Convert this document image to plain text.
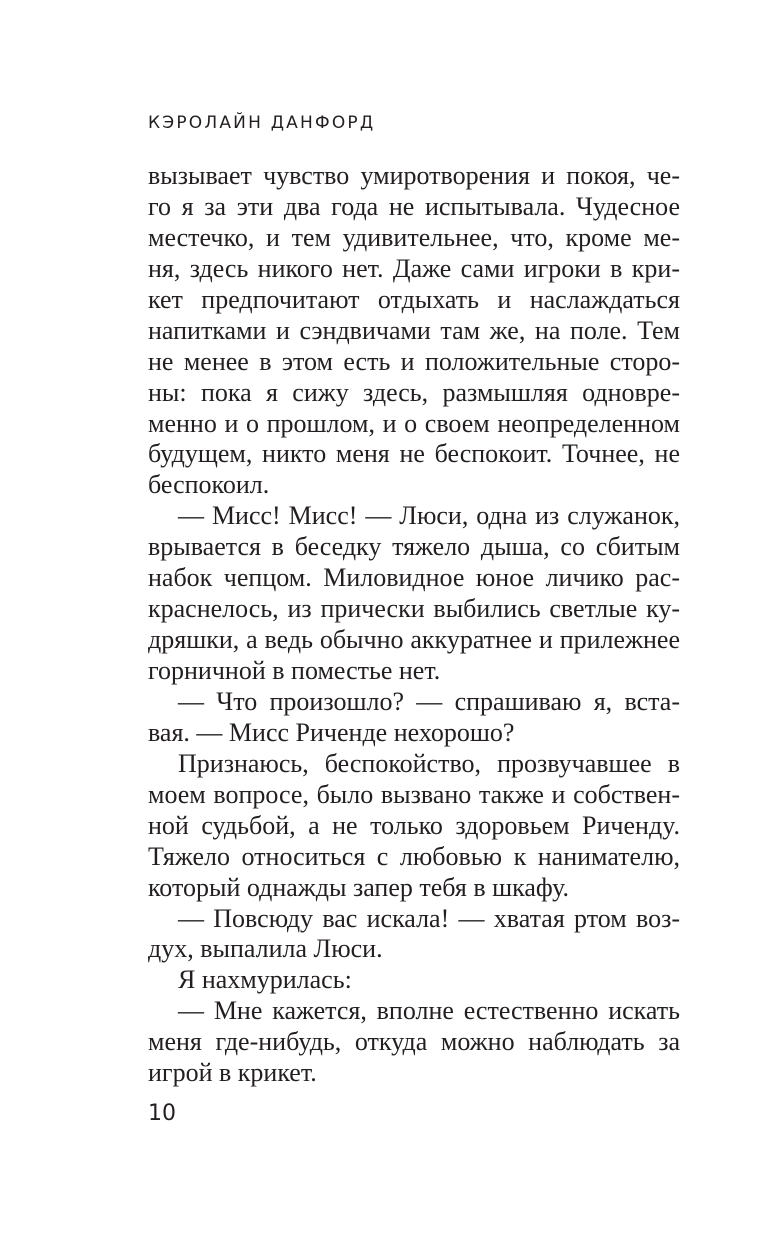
КЭРОЛАЙН ДАНФОРД
вызывает чувство умиротворения и покоя, че-
го я за эти два года не испытывала. Чудесное
местечко, и тем удивительнее, что, кроме ме-
ня, здесь никого нет. Даже сами игроки в кри-
кет предпочитают отдыхать и наслаждаться
напитками и сэндвичами там же, на поле. Тем
не менее в этом есть и положительные сторо-
ны: пока я сижу здесь, размышляя одновре-
менно и о прошлом, и о своем неопределенном
будущем, никто меня не беспокоит. Точнее, не
беспокоил.
— Мисс! Мисс! — Люси, одна из служанок,
врывается в беседку тяжело дыша, со сбитым
набок чепцом. Миловидное юное личико рас-
краснелось, из прически выбились светлые ку-
дряшки, а ведь обычно аккуратнее и прилежнее
горничной в поместье нет.
— Что произошло? — спрашиваю я, вста-
вая. — Мисс Ричендe нехорошо?
Признаюсь, беспокойство, прозвучавшее в
моем вопросе, было вызвано также и собствен-
ной судьбой, а не только здоровьем Ричендy.
Тяжело относиться с любовью к нанимателю,
который однажды запер тебя в шкафу.
— Повсюду вас искала! — хватая ртом воз-
дух, выпалила Люси.
Я нахмурилась:
— Мне кажется, вполне естественно искать
меня где-нибудь, откуда можно наблюдать за
игрой в крикет.
10
